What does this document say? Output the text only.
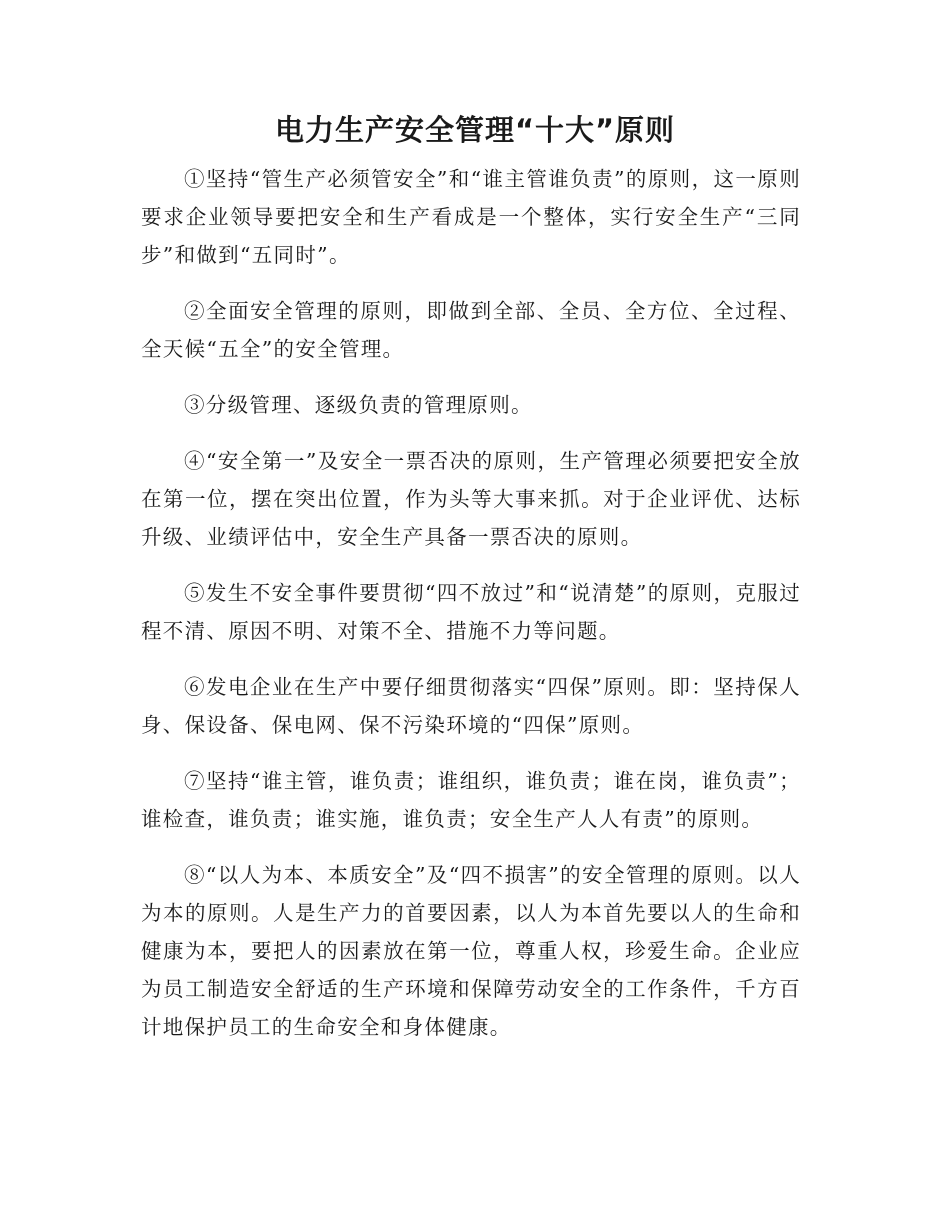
电力生产安全管理“十大”原则

①坚持“管生产必须管安全”和“谁主管谁负责”的原则，这一原则要求企业领导要把安全和生产看成是一个整体，实行安全生产“三同步”和做到“五同时”。

②全面安全管理的原则，即做到全部、全员、全方位、全过程、全天候“五全”的安全管理。

③分级管理、逐级负责的管理原则。

④“安全第一”及安全一票否决的原则，生产管理必须要把安全放在第一位，摆在突出位置，作为头等大事来抓。对于企业评优、达标升级、业绩评估中，安全生产具备一票否决的原则。

⑤发生不安全事件要贯彻“四不放过”和“说清楚”的原则，克服过程不清、原因不明、对策不全、措施不力等问题。

⑥发电企业在生产中要仔细贯彻落实“四保”原则。即：坚持保人身、保设备、保电网、保不污染环境的“四保”原则。

⑦坚持“谁主管，谁负责；谁组织，谁负责；谁在岗，谁负责”；谁检查，谁负责；谁实施，谁负责；安全生产人人有责”的原则。

⑧“以人为本、本质安全”及“四不损害”的安全管理的原则。以人为本的原则。人是生产力的首要因素，以人为本首先要以人的生命和健康为本，要把人的因素放在第一位，尊重人权，珍爱生命。企业应为员工制造安全舒适的生产环境和保障劳动安全的工作条件，千方百计地保护员工的生命安全和身体健康。
